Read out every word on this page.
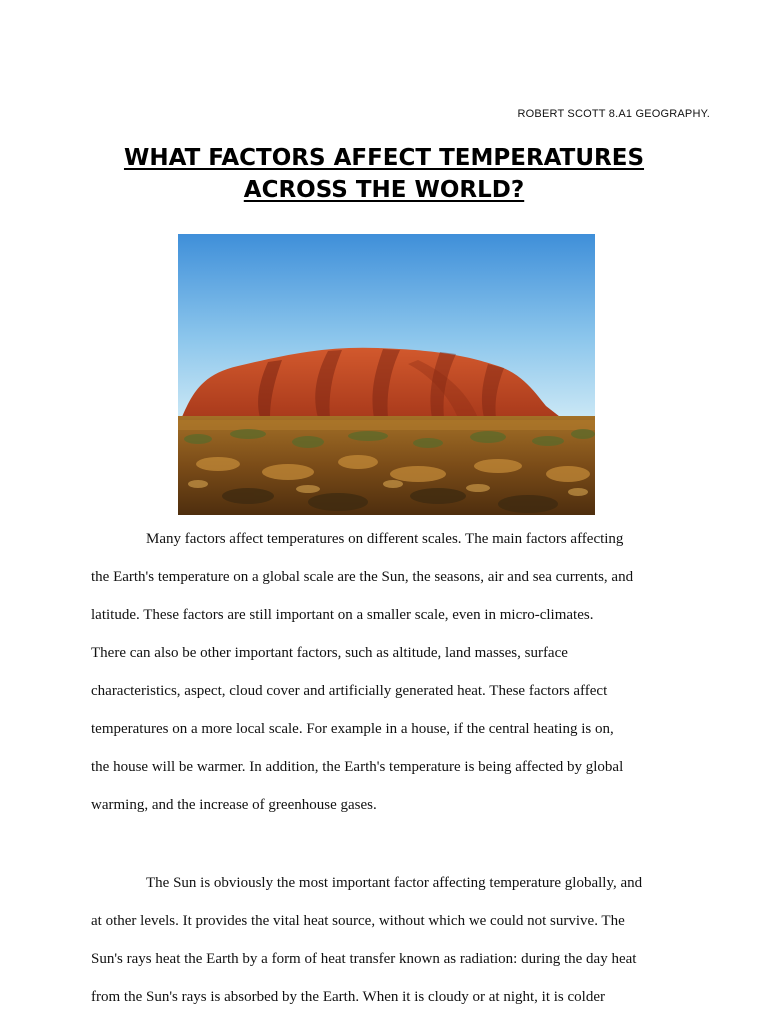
ROBERT SCOTT 8.A1 GEOGRAPHY.
WHAT FACTORS AFFECT TEMPERATURES
ACROSS THE WORLD?
Many factors affect temperatures on different scales. The main factors affecting
the Earth's temperature on a global scale are the Sun, the seasons, air and sea currents, and
latitude. These factors are still important on a smaller scale, even in micro-climates.
There can also be other important factors, such as altitude, land masses, surface
characteristics, aspect, cloud cover and artificially generated heat. These factors affect
temperatures on a more local scale. For example in a house, if the central heating is on,
the house will be warmer. In addition, the Earth's temperature is being affected by global
warming, and the increase of greenhouse gases.
The Sun is obviously the most important factor affecting temperature globally, and
at other levels. It provides the vital heat source, without which we could not survive. The
Sun's rays heat the Earth by a form of heat transfer known as radiation: during the day heat
from the Sun's rays is absorbed by the Earth. When it is cloudy or at night, it is colder
